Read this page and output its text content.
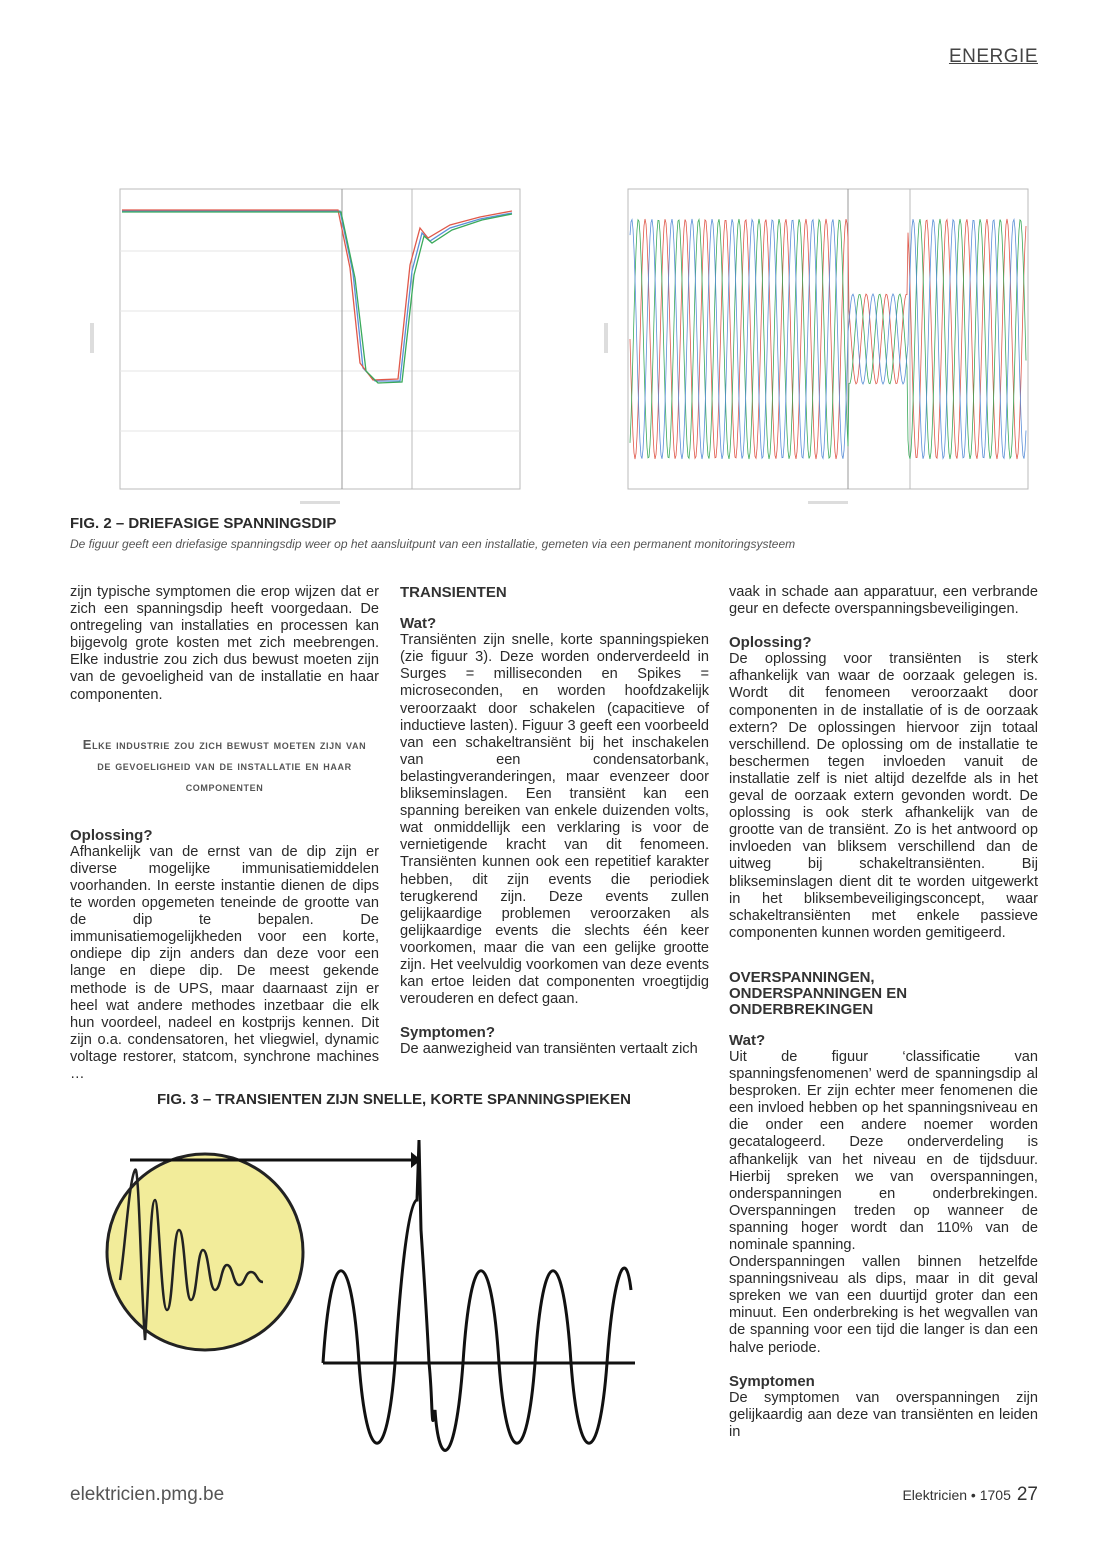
ENERGIE
FIG. 2 – DRIEFASIGE SPANNINGSDIP
De figuur geeft een driefasige spanningsdip weer op het aansluitpunt van een installatie, gemeten via een permanent monitoringsysteem

zijn typische symptomen die erop wijzen dat er zich een spanningsdip heeft voorgedaan. De ontregeling van installaties en processen kan bijgevolg grote kosten met zich meebrengen. Elke industrie zou zich dus bewust moeten zijn van de gevoeligheid van de installatie en haar componenten.

Elke industrie zou zich bewust moeten zijn van de gevoeligheid van de installatie en haar componenten
Oplossing?

Afhankelijk van de ernst van de dip zijn er diverse mogelijke immunisatiemiddelen voorhanden. In eerste instantie dienen de dips te worden opgemeten teneinde de grootte van de dip te bepalen. De immunisatiemogelijkheden voor een korte, ondiepe dip zijn anders dan deze voor een lange en diepe dip. De meest gekende methode is de UPS, maar daarnaast zijn er heel wat andere methodes inzetbaar die elk hun voordeel, nadeel en kostprijs kennen. Dit zijn o.a. condensatoren, het vliegwiel, dynamic voltage restorer, statcom, synchrone machines …

TRANSIENTEN
Wat?

Transiënten zijn snelle, korte spanningspieken (zie figuur 3). Deze worden onderverdeeld in Surges = milliseconden en Spikes = microseconden, en worden hoofdzakelijk veroorzaakt door schakelen (capacitieve of inductieve lasten). Figuur 3 geeft een voorbeeld van een schakeltransiënt bij het inschakelen van een condensatorbank, belastingveranderingen, maar evenzeer door blikseminslagen. Een transiënt kan een spanning bereiken van enkele duizenden volts, wat onmiddellijk een verklaring is voor de vernietigende kracht van dit fenomeen. Transiënten kunnen ook een repetitief karakter hebben, dit zijn events die periodiek terugkerend zijn. Deze events zullen gelijkaardige problemen veroorzaken als gelijkaardige events die slechts één keer voorkomen, maar die van een gelijke grootte zijn. Het veelvuldig voorkomen van deze events kan ertoe leiden dat componenten vroegtijdig verouderen en defect gaan.

Symptomen?

De aanwezigheid van transiënten vertaalt zich

vaak in schade aan apparatuur, een verbrande geur en defecte overspanningsbeveiligingen.

Oplossing?

De oplossing voor transiënten is sterk afhankelijk van waar de oorzaak gelegen is. Wordt dit fenomeen veroorzaakt door componenten in de installatie of is de oorzaak extern? De oplossingen hiervoor zijn totaal verschillend. De oplossing om de installatie te beschermen tegen invloeden vanuit de installatie zelf is niet altijd dezelfde als in het geval de oorzaak extern gevonden wordt. De oplossing is ook sterk afhankelijk van de grootte van de transiënt. Zo is het antwoord op invloeden van bliksem verschillend dan de uitweg bij schakeltransiënten. Bij blikseminslagen dient dit te worden uitgewerkt in het bliksembeveiligingsconcept, waar schakeltransiënten met enkele passieve componenten kunnen worden gemitigeerd.

OVERSPANNINGEN, ONDERSPANNINGEN EN ONDERBREKINGEN
Wat?

Uit de figuur ‘classificatie van spanningsfenomenen’ werd de spanningsdip al besproken. Er zijn echter meer fenomenen die een invloed hebben op het spanningsniveau en die onder een andere noemer worden gecatalogeerd. Deze onderverdeling is afhankelijk van het niveau en de tijdsduur. Hierbij spreken we van overspanningen, onderspanningen en onderbrekingen. Overspanningen treden op wanneer de spanning hoger wordt dan 110% van de nominale spanning.

Onderspanningen vallen binnen hetzelfde spanningsniveau als dips, maar in dit geval spreken we van een duurtijd groter dan een minuut. Een onderbreking is het wegvallen van de spanning voor een tijd die langer is dan een halve periode.

Symptomen

De symptomen van overspanningen zijn gelijkaardig aan deze van transiënten en leiden in

FIG. 3 – TRANSIENTEN ZIJN SNELLE, KORTE SPANNINGSPIEKEN
elektricien.pmg.be	Elektricien • 1705 27
